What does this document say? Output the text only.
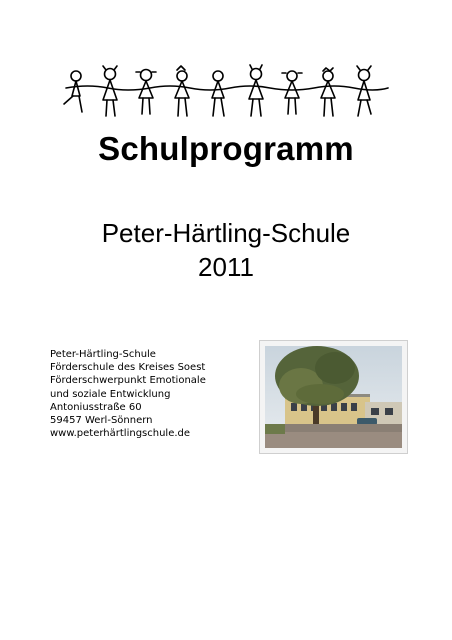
Schulprogramm
Peter-Härtling-Schule
2011
Peter-Härtling-Schule
Förderschule des Kreises Soest
Förderschwerpunkt Emotionale
und soziale Entwicklung
Antoniusstraße 60
59457 Werl-Sönnern
www.peterhärtlingschule.de
